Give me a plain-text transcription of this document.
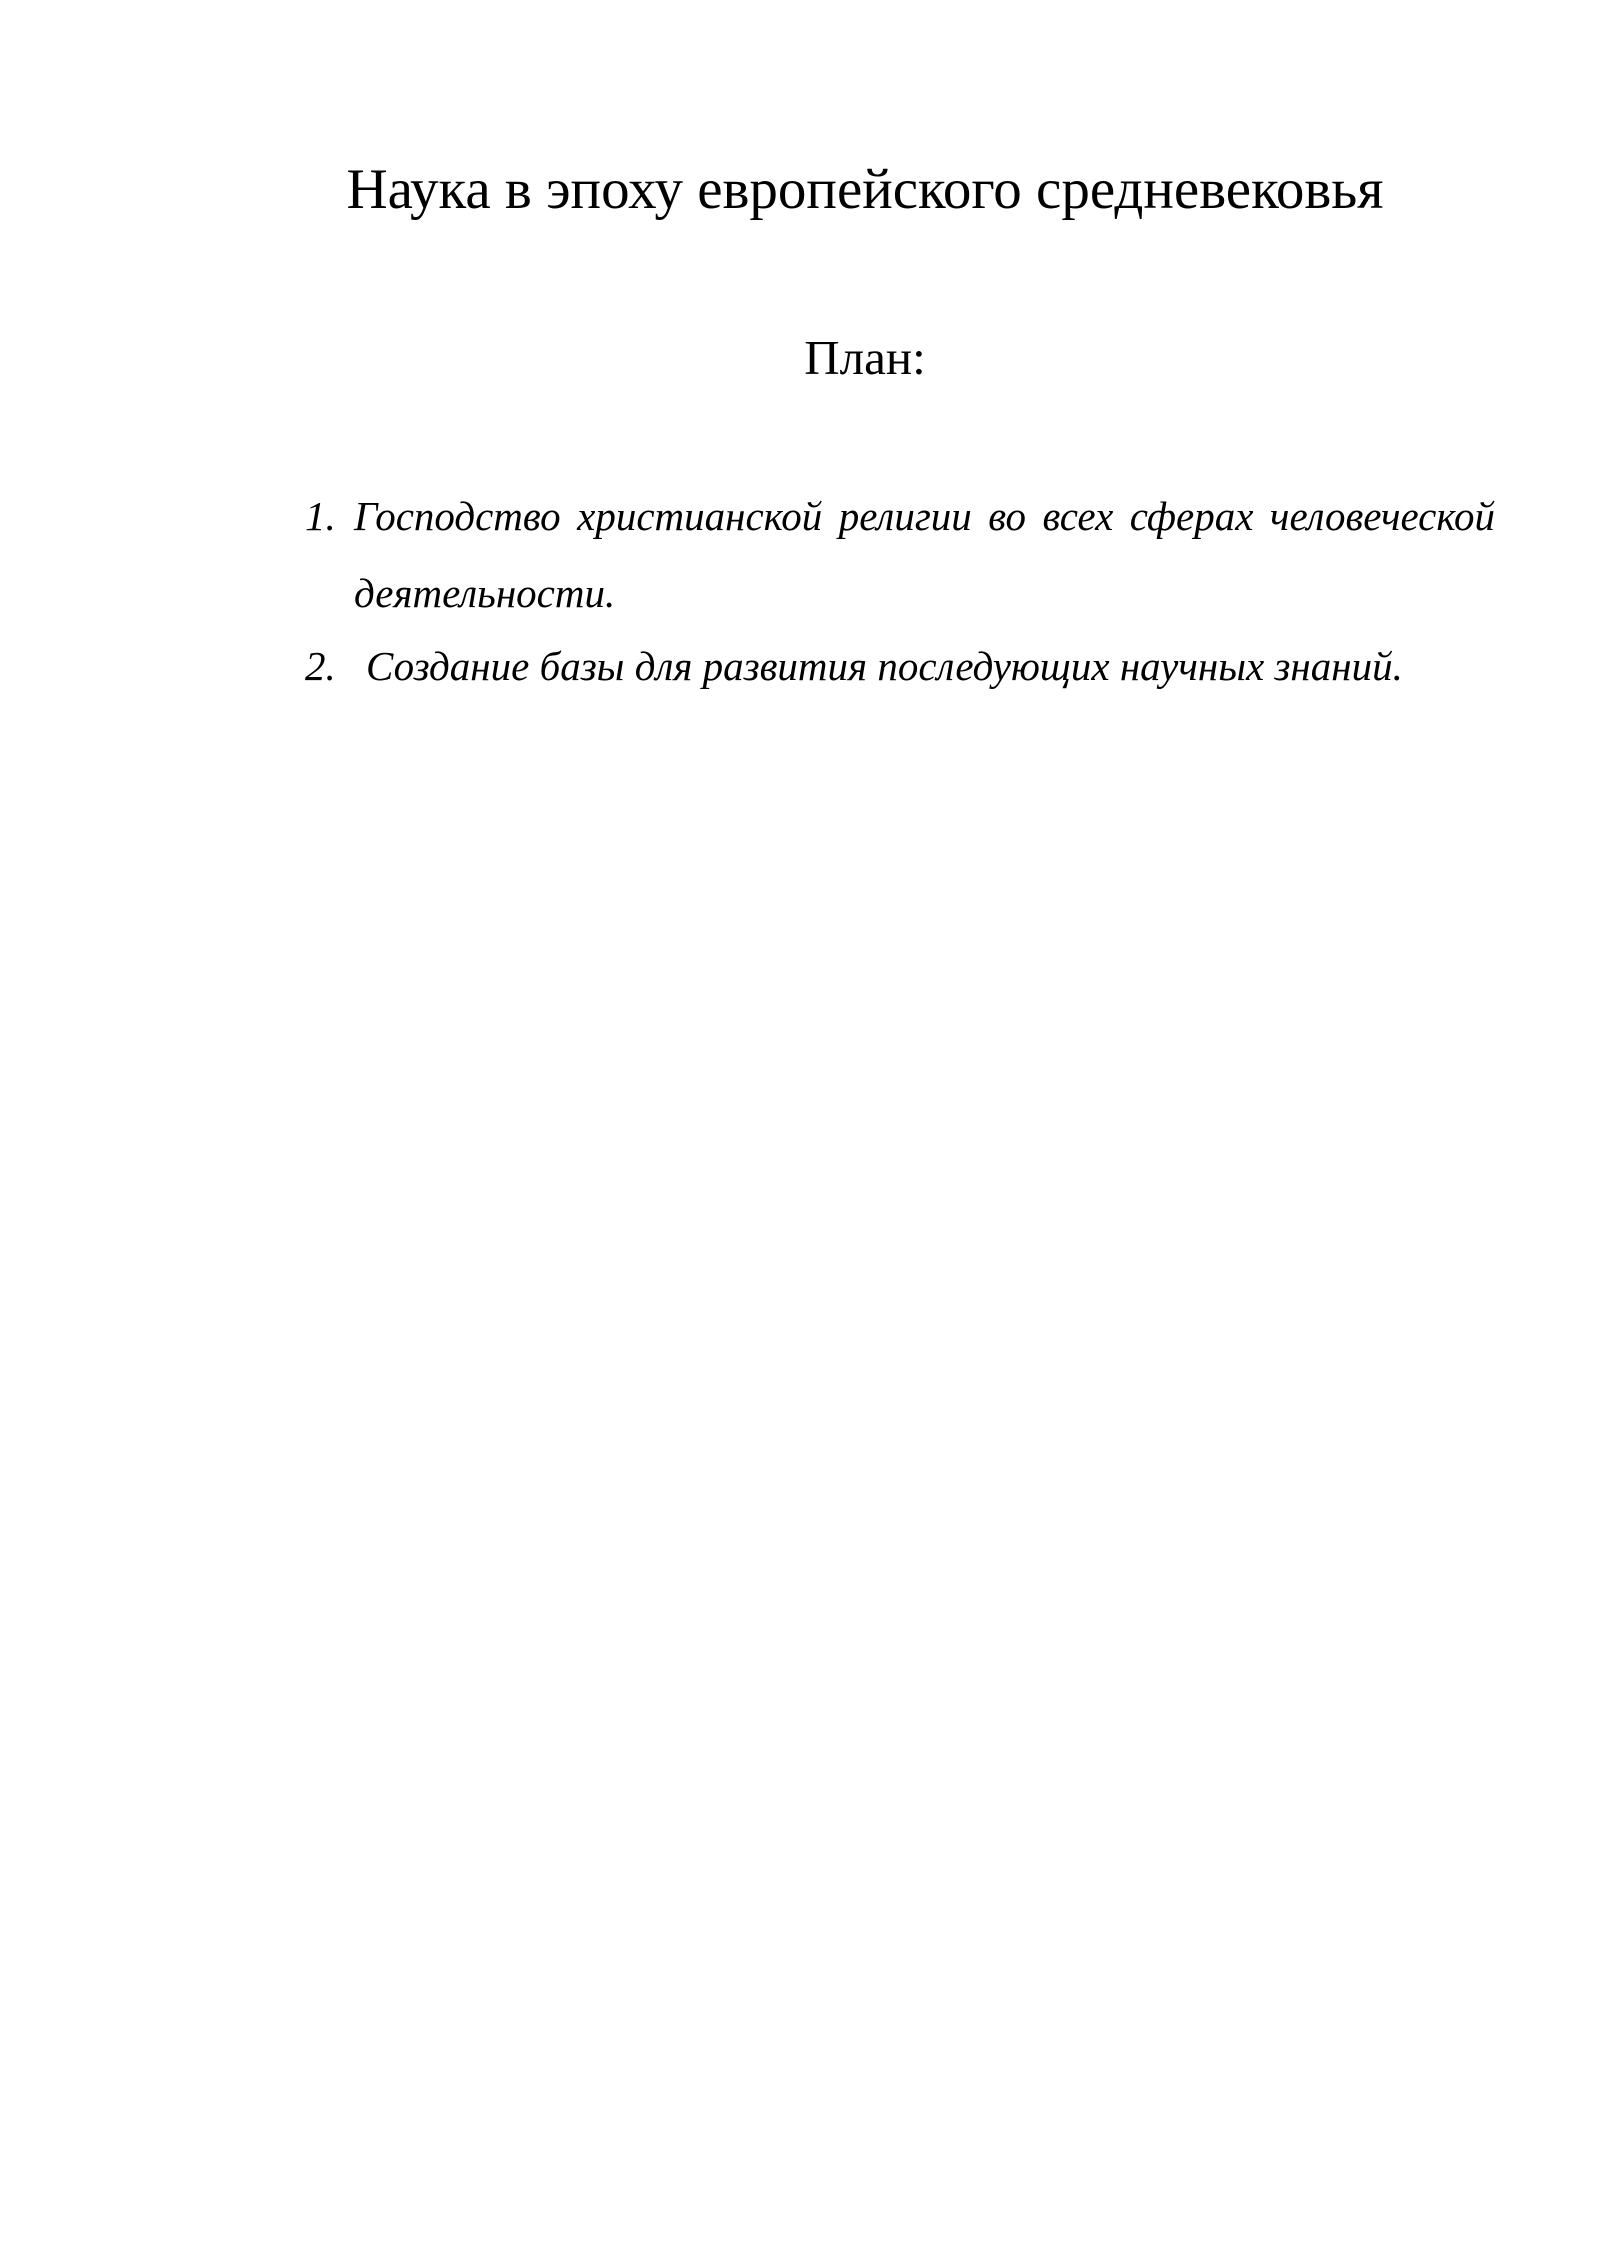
Наука в эпоху европейского средневековья
План:
1. Господство христианской религии во всех сферах человеческой деятельности.
2. Создание базы для развития последующих научных знаний.
